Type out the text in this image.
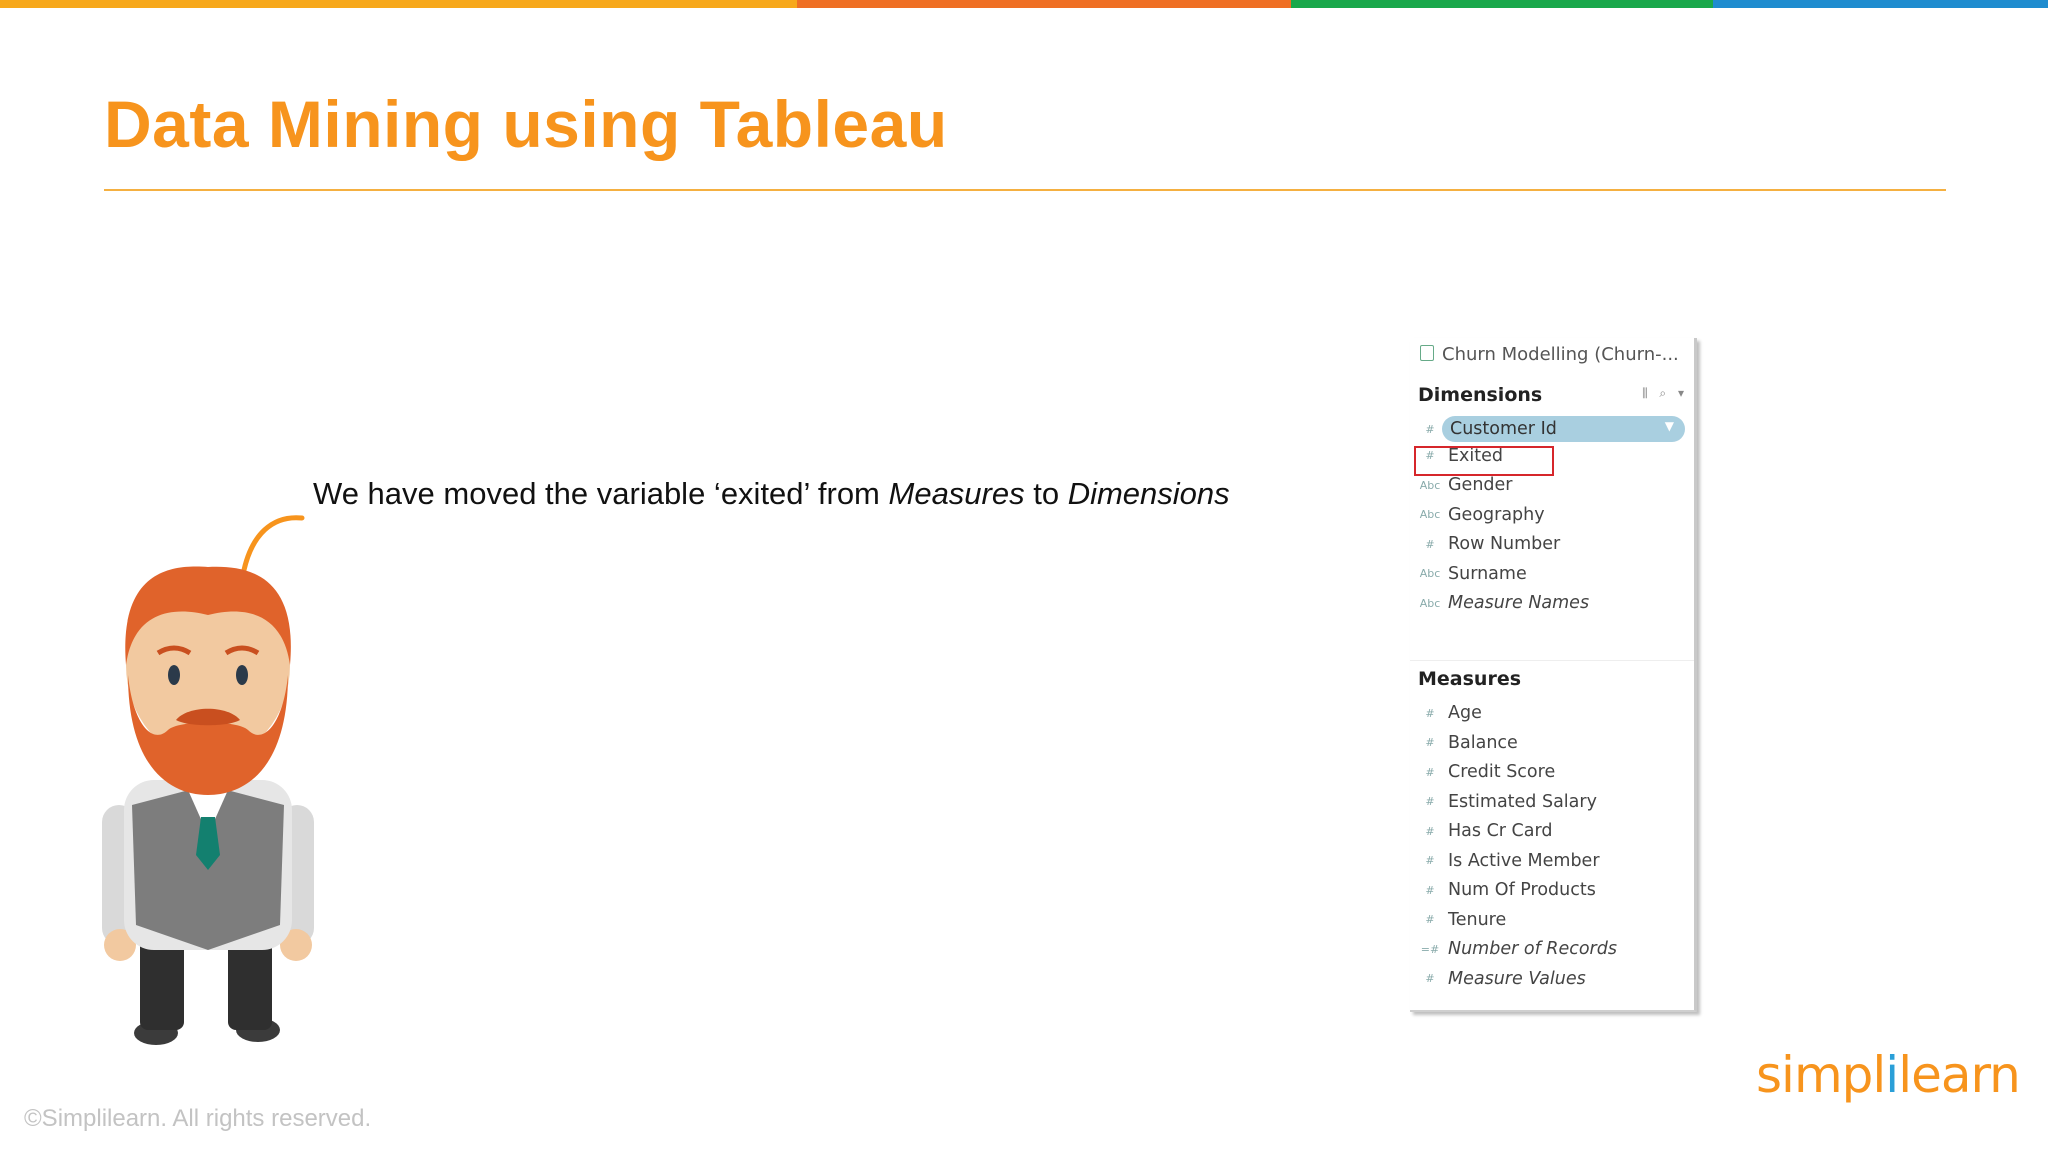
Data Mining using Tableau
We have moved the variable ‘exited’ from Measures to Dimensions
Churn Modelling (Churn-...
Dimensions	⫼ ⌕ ▾
# Customer Id	▼
# Exited
Abc Gender
Abc Geography
# Row Number
Abc Surname
Abc Measure Names
Measures
# Age
# Balance
# Credit Score
# Estimated Salary
# Has Cr Card
# Is Active Member
# Num Of Products
# Tenure
=# Number of Records
# Measure Values
simplilearn
©Simplilearn. All rights reserved.
